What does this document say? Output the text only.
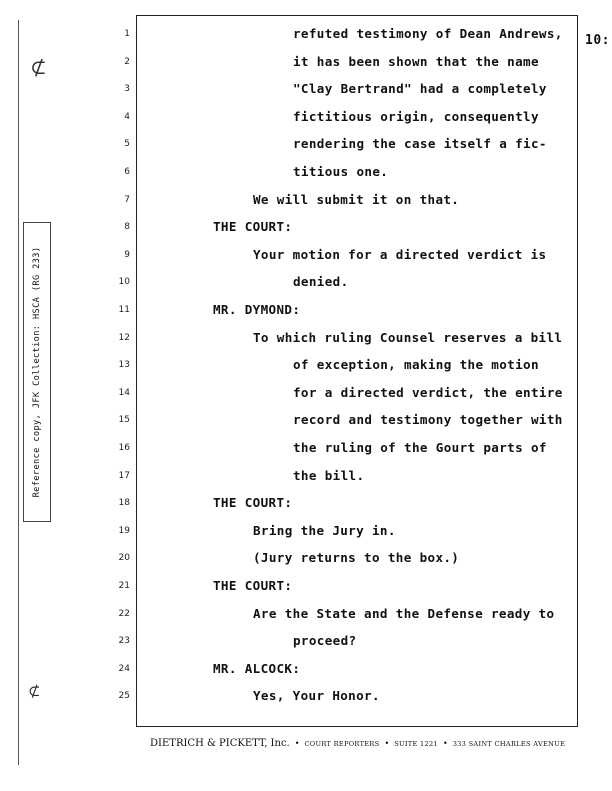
⊄
⊄
Reference copy, JFK Collection: HSCA (RG 233)
10:
1	refuted testimony of Dean Andrews,
2	it has been shown that the name
3	"Clay Bertrand" had a completely
4	fictitious origin, consequently
5	rendering the case itself a fic-
6	titious one.
7	We will submit it on that.
8	THE COURT:
9	Your motion for a directed verdict is
10	denied.
11	MR. DYMOND:
12	To which ruling Counsel reserves a bill
13	of exception, making the motion
14	for a directed verdict, the entire
15	record and testimony together with
16	the ruling of the Gourt parts of
17	the bill.
18	THE COURT:
19	Bring the Jury in.
20	(Jury returns to the box.)
21	THE COURT:
22	Are the State and the Defense ready to
23	proceed?
24	MR. ALCOCK:
25	Yes, Your Honor.
DIETRICH & PICKETT, Inc. • COURT REPORTERS • SUITE 1221 • 333 SAINT CHARLES AVENUE
